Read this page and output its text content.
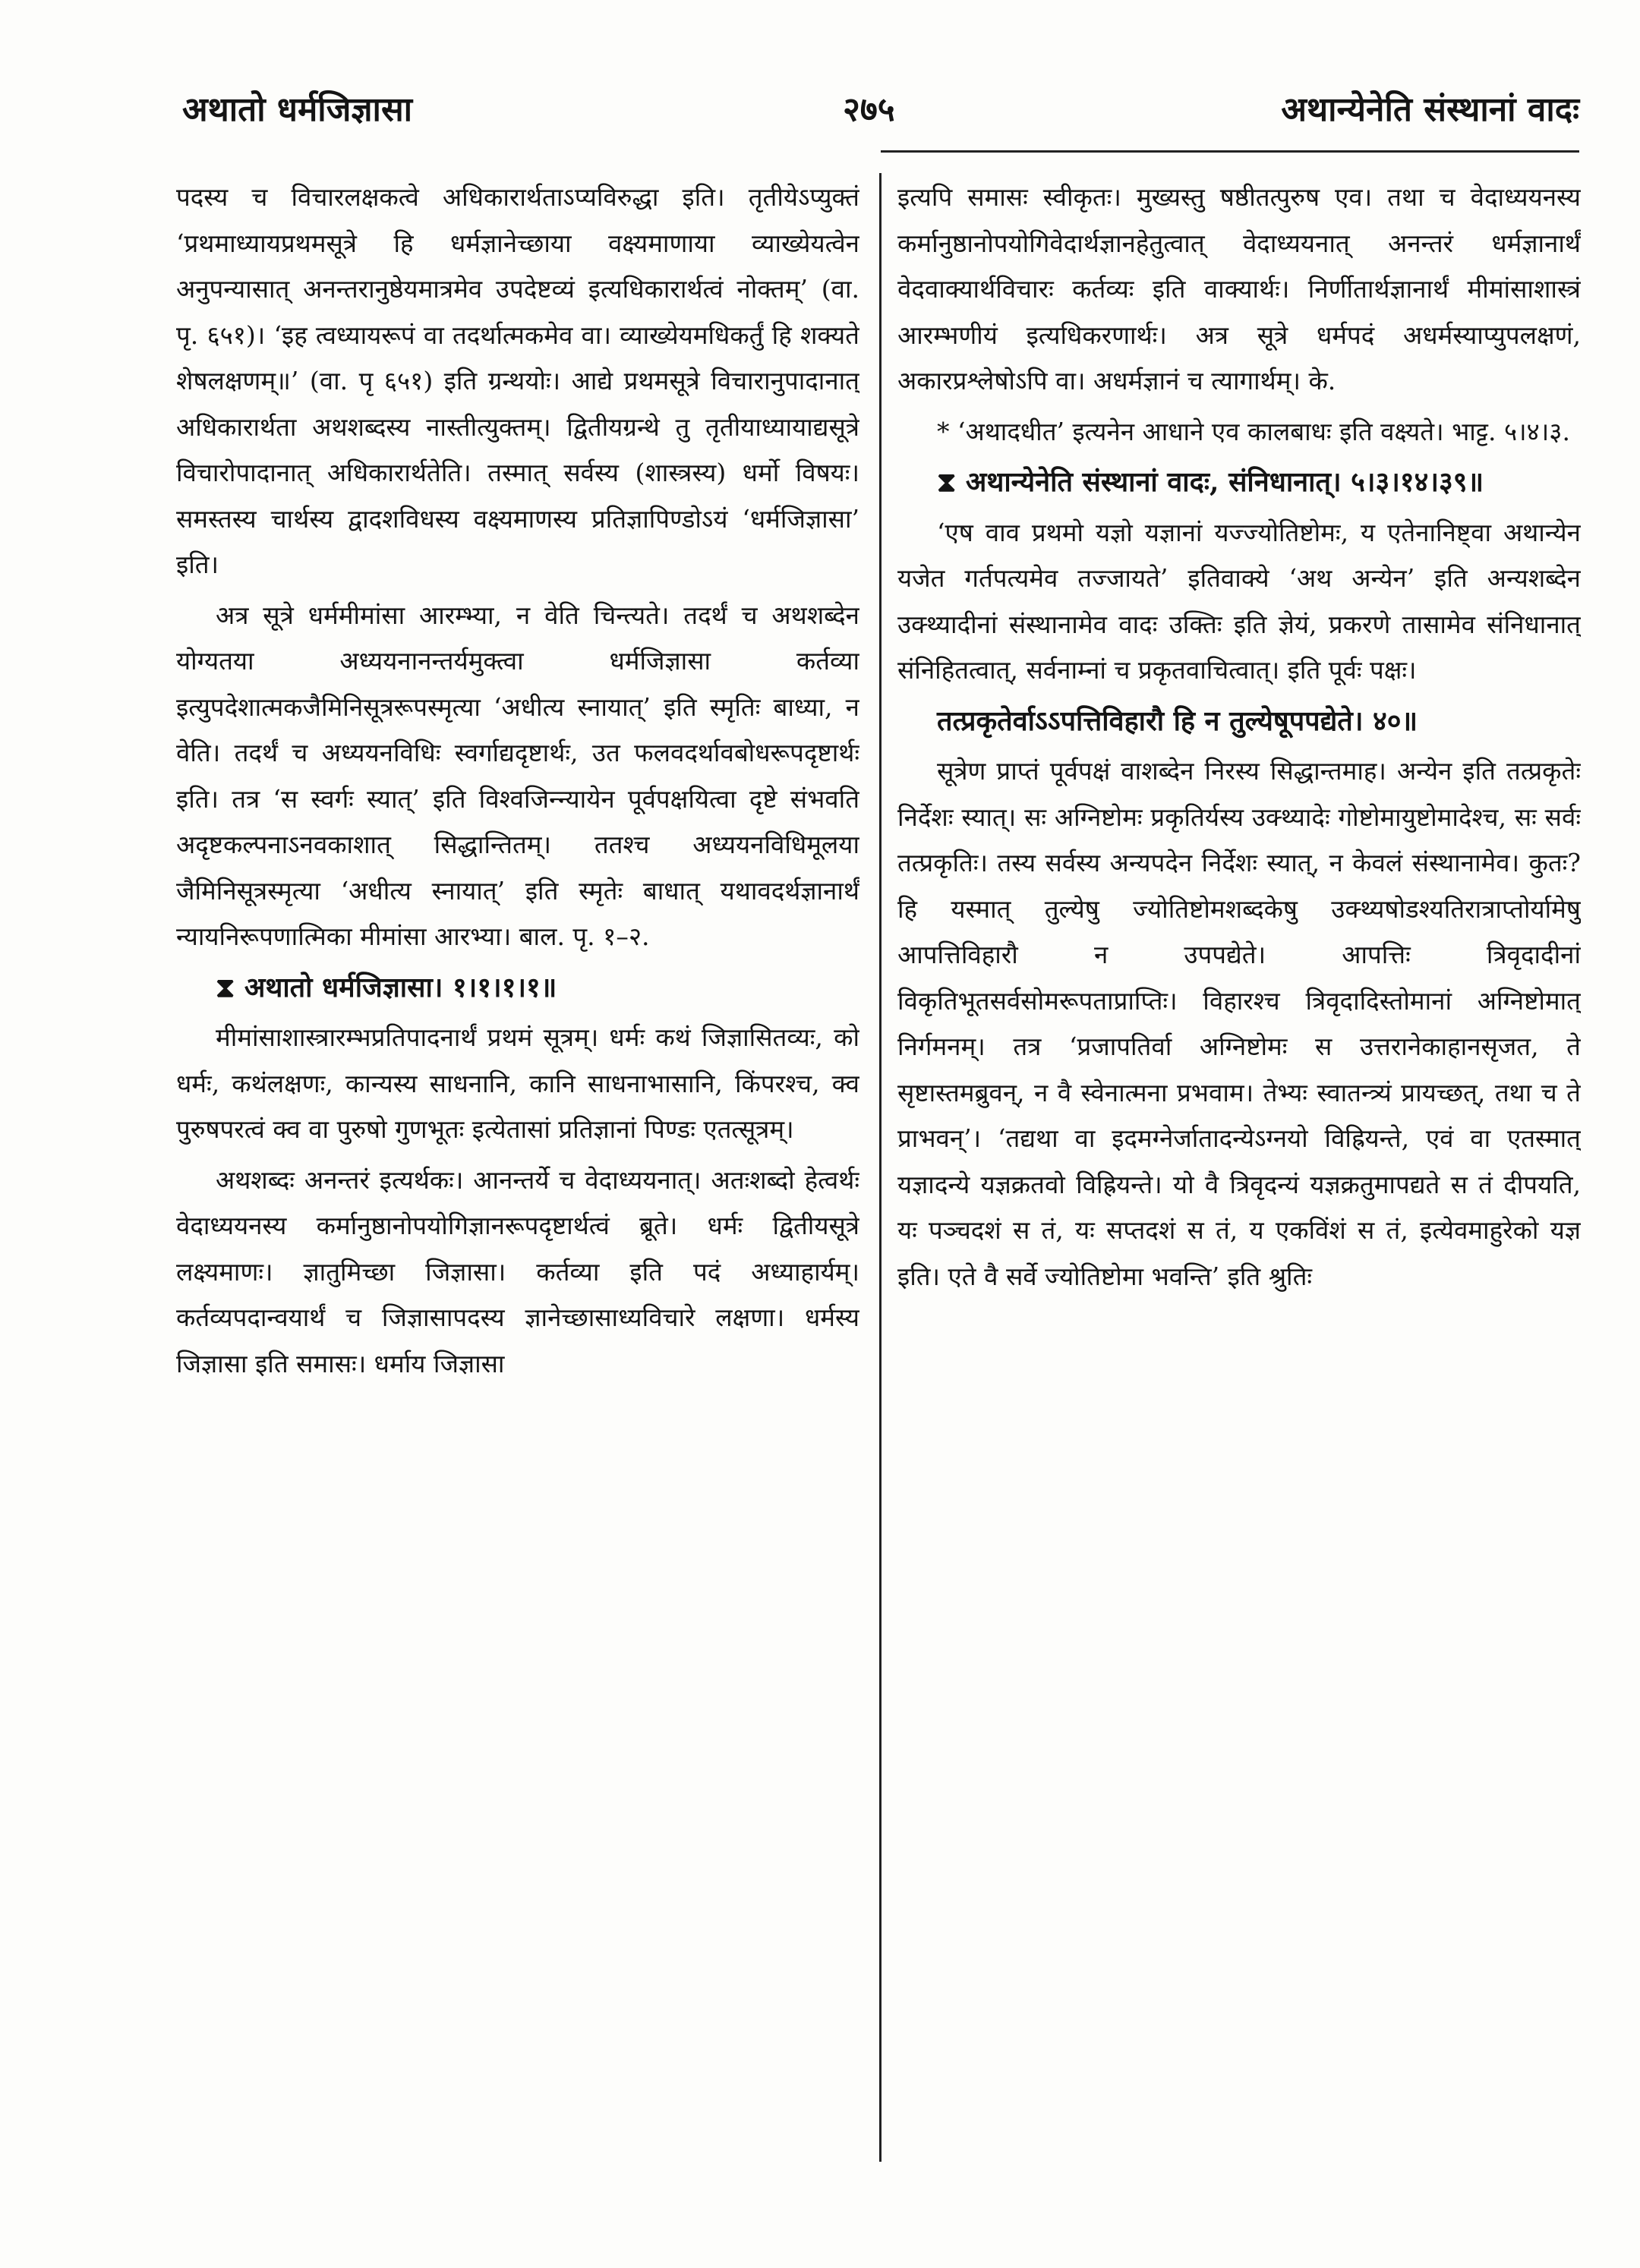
अथातो धर्मजिज्ञासा	२७५	अथान्येनेति संस्थानां वादः

पदस्य च विचारलक्षकत्वे अधिकारार्थताऽप्यविरुद्धा इति। तृतीयेऽप्युक्तं ‘प्रथमाध्यायप्रथमसूत्रे हि धर्मज्ञानेच्छाया वक्ष्यमाणाया व्याख्येयत्वेन अनुपन्यासात् अनन्तरानुष्ठेयमात्रमेव उपदेष्टव्यं इत्यधिकारार्थत्वं नोक्तम्’ (वा. पृ. ६५१)। ‘इह त्वध्यायरूपं वा तदर्थात्मकमेव वा। व्याख्येयमधिकर्तुं हि शक्यते शेषलक्षणम्॥’ (वा. पृ ६५१) इति ग्रन्थयोः। आद्ये प्रथमसूत्रे विचारानुपादानात् अधिकारार्थता अथशब्दस्य नास्तीत्युक्तम्। द्वितीयग्रन्थे तु तृतीयाध्यायाद्यसूत्रे विचारोपादानात् अधिकारार्थतेति। तस्मात् सर्वस्य (शास्त्रस्य) धर्मो विषयः। समस्तस्य चार्थस्य द्वादशविधस्य वक्ष्यमाणस्य प्रतिज्ञापिण्डोऽयं ‘धर्मजिज्ञासा’ इति।

अत्र सूत्रे धर्ममीमांसा आरम्भ्या, न वेति चिन्त्यते। तदर्थं च अथशब्देन योग्यतया अध्ययनानन्तर्यमुक्त्वा धर्मजिज्ञासा कर्तव्या इत्युपदेशात्मकजैमिनिसूत्ररूपस्मृत्या ‘अधीत्य स्नायात्’ इति स्मृतिः बाध्या, न वेति। तदर्थं च अध्ययनविधिः स्वर्गाद्यदृष्टार्थः, उत फलवदर्थावबोधरूपदृष्टार्थः इति। तत्र ‘स स्वर्गः स्यात्’ इति विश्वजिन्न्यायेन पूर्वपक्षयित्वा दृष्टे संभवति अदृष्टकल्पनाऽनवकाशात् सिद्धान्तितम्। ततश्च अध्ययनविधिमूलया जैमिनिसूत्रस्मृत्या ‘अधीत्य स्नायात्’ इति स्मृतेः बाधात् यथावदर्थज्ञानार्थं न्यायनिरूपणात्मिका मीमांसा आरभ्या। बाल. पृ. १–२.

⧗ अथातो धर्मजिज्ञासा। १।१।१।१॥

मीमांसाशास्त्रारम्भप्रतिपादनार्थं प्रथमं सूत्रम्। धर्मः कथं जिज्ञासितव्यः, को धर्मः, कथंलक्षणः, कान्यस्य साधनानि, कानि साधनाभासानि, किंपरश्च, क्व पुरुषपरत्वं क्व वा पुरुषो गुणभूतः इत्येतासां प्रतिज्ञानां पिण्डः एतत्सूत्रम्।

अथशब्दः अनन्तरं इत्यर्थकः। आनन्तर्ये च वेदाध्ययनात्। अतःशब्दो हेत्वर्थः वेदाध्ययनस्य कर्मानुष्ठानोपयोगिज्ञानरूपदृष्टार्थत्वं ब्रूते। धर्मः द्वितीयसूत्रे लक्ष्यमाणः। ज्ञातुमिच्छा जिज्ञासा। कर्तव्या इति पदं अध्याहार्यम्। कर्तव्यपदान्वयार्थं च जिज्ञासापदस्य ज्ञानेच्छासाध्यविचारे लक्षणा। धर्मस्य जिज्ञासा इति समासः। धर्माय जिज्ञासा

इत्यपि समासः स्वीकृतः। मुख्यस्तु षष्ठीतत्पुरुष एव। तथा च वेदाध्ययनस्य कर्मानुष्ठानोपयोगिवेदार्थज्ञानहेतुत्वात् वेदाध्ययनात् अनन्तरं धर्मज्ञानार्थं वेदवाक्यार्थविचारः कर्तव्यः इति वाक्यार्थः। निर्णीतार्थज्ञानार्थं मीमांसाशास्त्रं आरम्भणीयं इत्यधिकरणार्थः। अत्र सूत्रे धर्मपदं अधर्मस्याप्युपलक्षणं, अकारप्रश्लेषोऽपि वा। अधर्मज्ञानं च त्यागार्थम्। के.

* ‘अथादधीत’ इत्यनेन आधाने एव कालबाधः इति वक्ष्यते। भाट्ट. ५।४।३.

⧗ अथान्येनेति संस्थानां वादः, संनिधानात्। ५।३।१४।३९॥

‘एष वाव प्रथमो यज्ञो यज्ञानां यज्ज्योतिष्टोमः, य एतेनानिष्ट्वा अथान्येन यजेत गर्तपत्यमेव तज्जायते’ इतिवाक्ये ‘अथ अन्येन’ इति अन्यशब्देन उक्थ्यादीनां संस्थानामेव वादः उक्तिः इति ज्ञेयं, प्रकरणे तासामेव संनिधानात् संनिहितत्वात्, सर्वनाम्नां च प्रकृतवाचित्वात्। इति पूर्वः पक्षः।

तत्प्रकृतेर्वाऽऽपत्तिविहारौ हि न तुल्येषूपपद्येते। ४०॥

सूत्रेण प्राप्तं पूर्वपक्षं वाशब्देन निरस्य सिद्धान्तमाह। अन्येन इति तत्प्रकृतेः निर्देशः स्यात्। सः अग्निष्टोमः प्रकृतिर्यस्य उक्थ्यादेः गोष्टोमायुष्टोमादेश्च, सः सर्वः तत्प्रकृतिः। तस्य सर्वस्य अन्यपदेन निर्देशः स्यात्, न केवलं संस्थानामेव। कुतः? हि यस्मात् तुल्येषु ज्योतिष्टोमशब्दकेषु उक्थ्यषोडश्यतिरात्राप्तोर्यामेषु आपत्तिविहारौ न उपपद्येते। आपत्तिः त्रिवृदादीनां विकृतिभूतसर्वसोमरूपताप्राप्तिः। विहारश्च त्रिवृदादिस्तोमानां अग्निष्टोमात् निर्गमनम्। तत्र ‘प्रजापतिर्वा अग्निष्टोमः स उत्तरानेकाहानसृजत, ते सृष्टास्तमब्रुवन्, न वै स्वेनात्मना प्रभवाम। तेभ्यः स्वातन्त्र्यं प्रायच्छत्, तथा च ते प्राभवन्’। ‘तद्यथा वा इदमग्नेर्जातादन्येऽग्नयो विह्रियन्ते, एवं वा एतस्मात् यज्ञादन्ये यज्ञक्रतवो विह्रियन्ते। यो वै त्रिवृदन्यं यज्ञक्रतुमापद्यते स तं दीपयति, यः पञ्चदशं स तं, यः सप्तदशं स तं, य एकविंशं स तं, इत्येवमाहुरेको यज्ञ इति। एते वै सर्वे ज्योतिष्टोमा भवन्ति’ इति श्रुतिः
